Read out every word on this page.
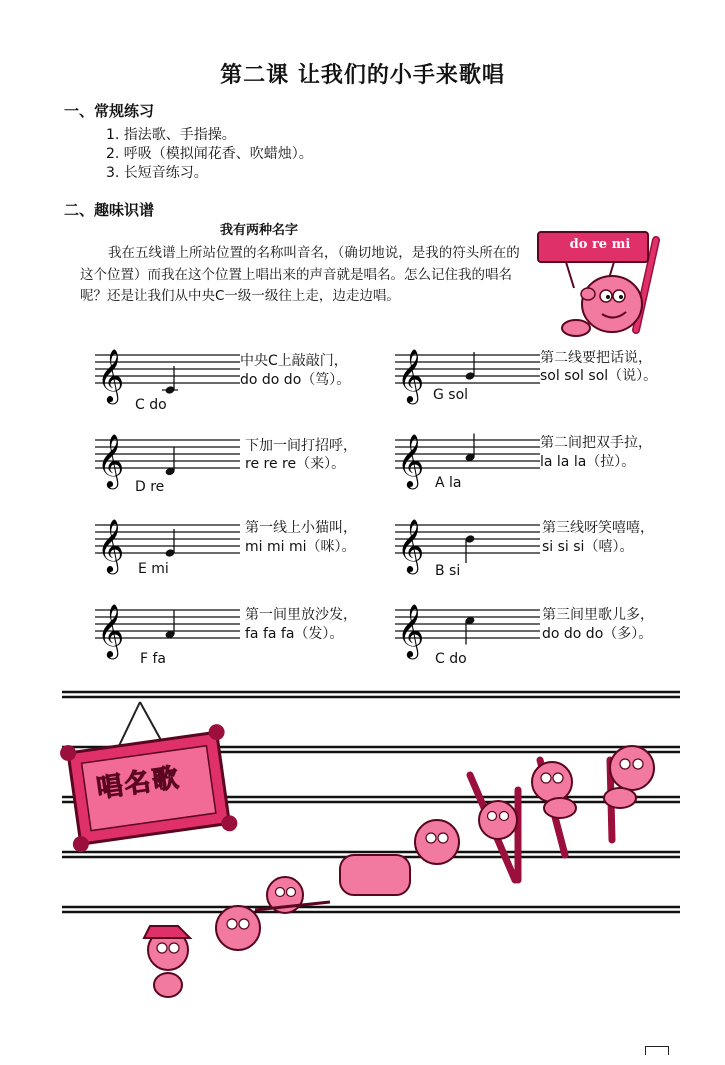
第二课 让我们的小手来歌唱
一、常规练习
1. 指法歌、手指操。
2. 呼吸（模拟闻花香、吹蜡烛）。
3. 长短音练习。
二、趣味识谱
我有两种名字
我在五线谱上所站位置的名称叫音名，（确切地说，是我的符头所在的这个位置）而我在这个位置上唱出来的声音就是唱名。怎么记住我的唱名呢？还是让我们从中央C一级一级往上走，边走边唱。
do re mi
𝄞
C do
中央C上敲敲门，
do do do（笃）。
𝄞 D re
下加一间打招呼，
re re re（来）。
𝄞 E mi
第一线上小猫叫，
mi mi mi（咪）。
𝄞
F fa
第一间里放沙发，
fa fa fa（发）。
𝄞 G sol
第二线要把话说，
sol sol sol（说）。
𝄞 A la
第二间把双手拉，
la la la（拉）。
𝄞 B si
第三线呀笑嘻嘻，
si si si（嘻）。
𝄞
C do
第三间里歌儿多，
do do do（多）。
唱名歌
